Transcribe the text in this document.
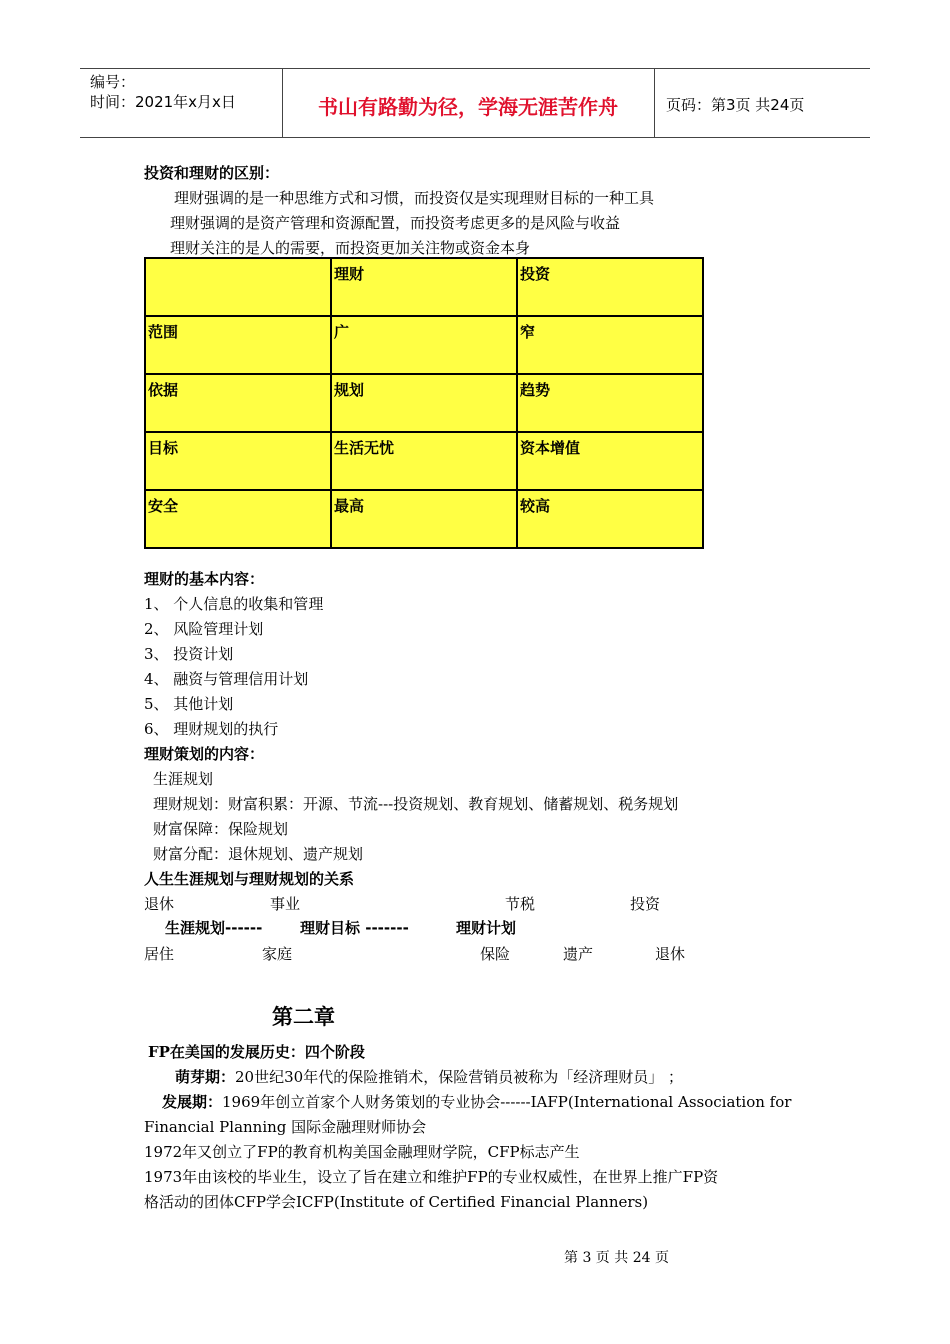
编号：
时间：2021年x月x日	书山有路勤为径，学海无涯苦作舟	页码：第3页 共24页
投资和理财的区别：
理财强调的是一种思维方式和习惯，而投资仅是实现理财目标的一种工具
理财强调的是资产管理和资源配置，而投资考虑更多的是风险与收益
理财关注的是人的需要，而投资更加关注物或资金本身
	理财	投资
范围	广	窄
依据	规划	趋势
目标	生活无忧	资本增值
安全	最高	较高
理财的基本内容：
1、 个人信息的收集和管理
2、 风险管理计划
3、 投资计划
4、 融资与管理信用计划
5、 其他计划
6、 理财规划的执行
理财策划的内容：
生涯规划
理财规划：财富积累：开源、节流---投资规划、教育规划、储蓄规划、税务规划
财富保障：保险规划
财富分配：退休规划、遗产规划
人生生涯规划与理财规划的关系
退休	事业	节税	投资
生涯规划------	理财目标 -------	理财计划
居住	家庭	保险	遗产	退休
第二章
FP在美国的发展历史：四个阶段
萌芽期：20世纪30年代的保险推销术，保险营销员被称为「经济理财员」 ；
发展期：1969年创立首家个人财务策划的专业协会------IAFP(International Association for
Financial Planning 国际金融理财师协会
1972年又创立了FP的教育机构美国金融理财学院，CFP标志产生
1973年由该校的毕业生，设立了旨在建立和维护FP的专业权威性，在世界上推广FP资
格活动的团体CFP学会ICFP(Institute of Certified Financial Planners)
第 3 页 共 24 页
